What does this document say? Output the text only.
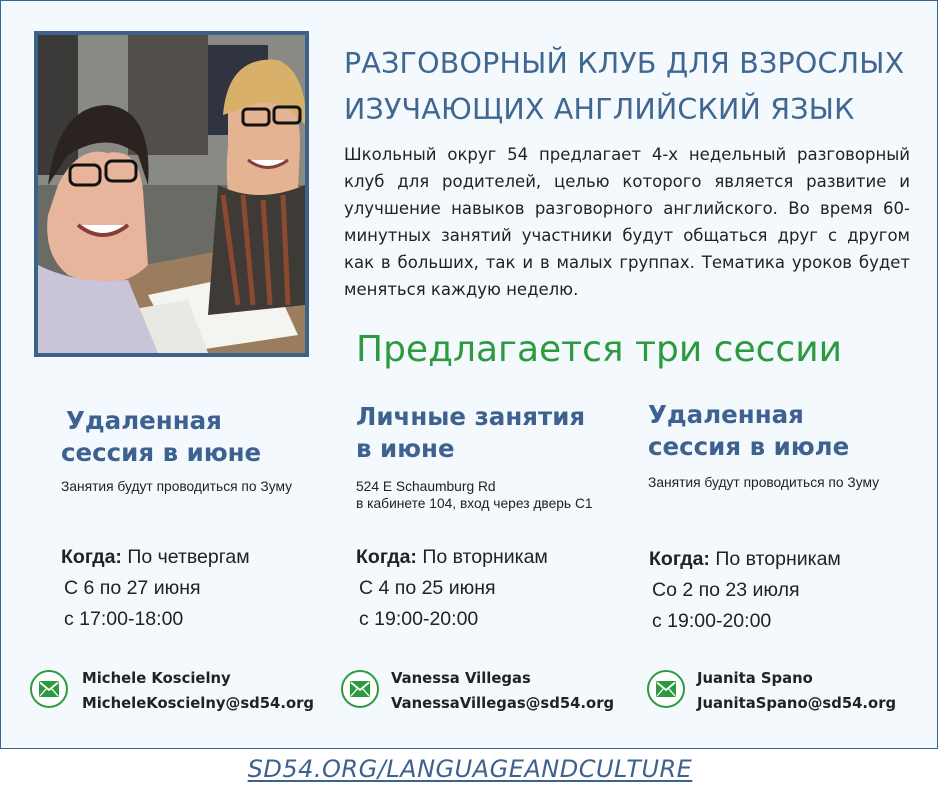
РАЗГОВОРНЫЙ КЛУБ ДЛЯ ВЗРОСЛЫХ
ИЗУЧАЮЩИХ АНГЛИЙСКИЙ ЯЗЫК
Школьный округ 54 предлагает 4-х недельный разговорный клуб для родителей, целью которого является развитие и улучшение навыков разговорного английского. Во время 60-минутных занятий участники будут общаться друг с другом как в больших, так и в малых группах. Тематика уроков будет меняться каждую неделю.
Предлагается три сессии
Удаленная
сессия в июне
Занятия будут проводиться по Зуму
Когда: По четвергам
С 6 по 27 июня
с 17:00-18:00
Личные занятия
в июне
524 E Schaumburg Rd
в кабинете 104, вход через дверь С1
Когда: По вторникам
С 4 по 25 июня
с 19:00-20:00
Удаленная
сессия в июле
Занятия будут проводиться по Зуму
Когда: По вторникам
Со 2 по 23 июля
с 19:00-20:00
Michele Koscielny
MicheleKoscielny@sd54.org
Vanessa Villegas
VanessaVillegas@sd54.org
Juanita Spano
JuanitaSpano@sd54.org
SD54.ORG/LANGUAGEANDCULTURE
